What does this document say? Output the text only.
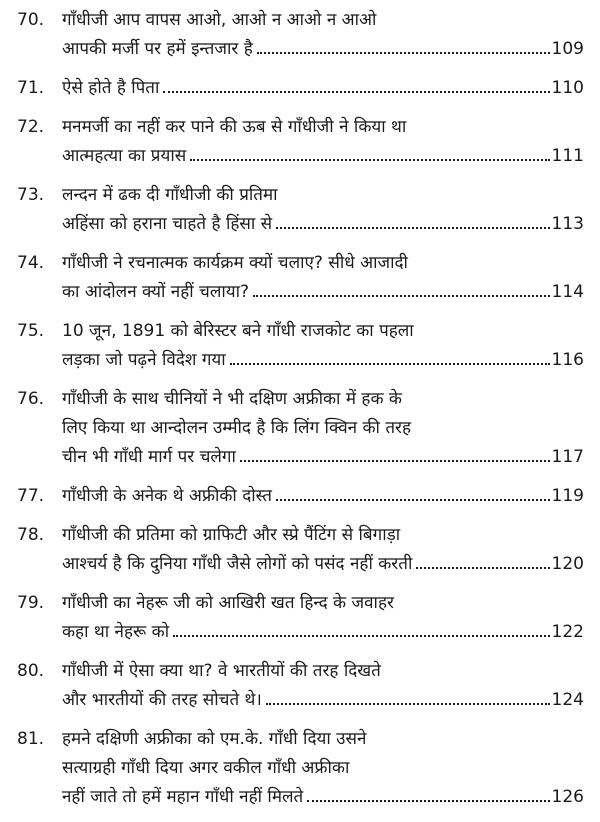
70.	गाँधीजी आप वापस आओ, आओ न आओ न आओ
आपकी मर्जी पर हमें इन्तजार है	109
71.	ऐसे होते है पिता	110
72.	मनमर्जी का नहीं कर पाने की ऊब से गाँधीजी ने किया था
आत्महत्या का प्रयास	111
73.	लन्दन में ढक दी गाँधीजी की प्रतिमा
अहिंसा को हराना चाहते है हिंसा से	113
74.	गाँधीजी ने रचनात्मक कार्यक्रम क्यों चलाए? सीधे आजादी
का आंदोलन क्यों नहीं चलाया?	114
75.	10 जून, 1891 को बेरिस्टर बने गाँधी राजकोट का पहला
लड़का जो पढ़ने विदेश गया	116
76.	गाँधीजी के साथ चीनियों ने भी दक्षिण अफ्रीका में हक के
लिए किया था आन्दोलन उम्मीद है कि लिंग क्विन की तरह
चीन भी गाँधी मार्ग पर चलेगा	117
77.	गाँधीजी के अनेक थे अफ्रीकी दोस्त	119
78.	गाँधीजी की प्रतिमा को ग्राफिटी और स्प्रे पैंटिंग से बिगाड़ा
आश्चर्य है कि दुनिया गाँधी जैसे लोगों को पसंद नहीं करती	120
79.	गाँधीजी का नेहरू जी को आखिरी खत हिन्द के जवाहर
कहा था नेहरू को	122
80.	गाँधीजी में ऐसा क्या था? वे भारतीयों की तरह दिखते
और भारतीयों की तरह सोचते थे।	124
81.	हमने दक्षिणी अफ्रीका को एम.के. गाँधी दिया उसने
सत्याग्रही गाँधी दिया अगर वकील गाँधी अफ्रीका
नहीं जाते तो हमें महान गाँधी नहीं मिलते	126
